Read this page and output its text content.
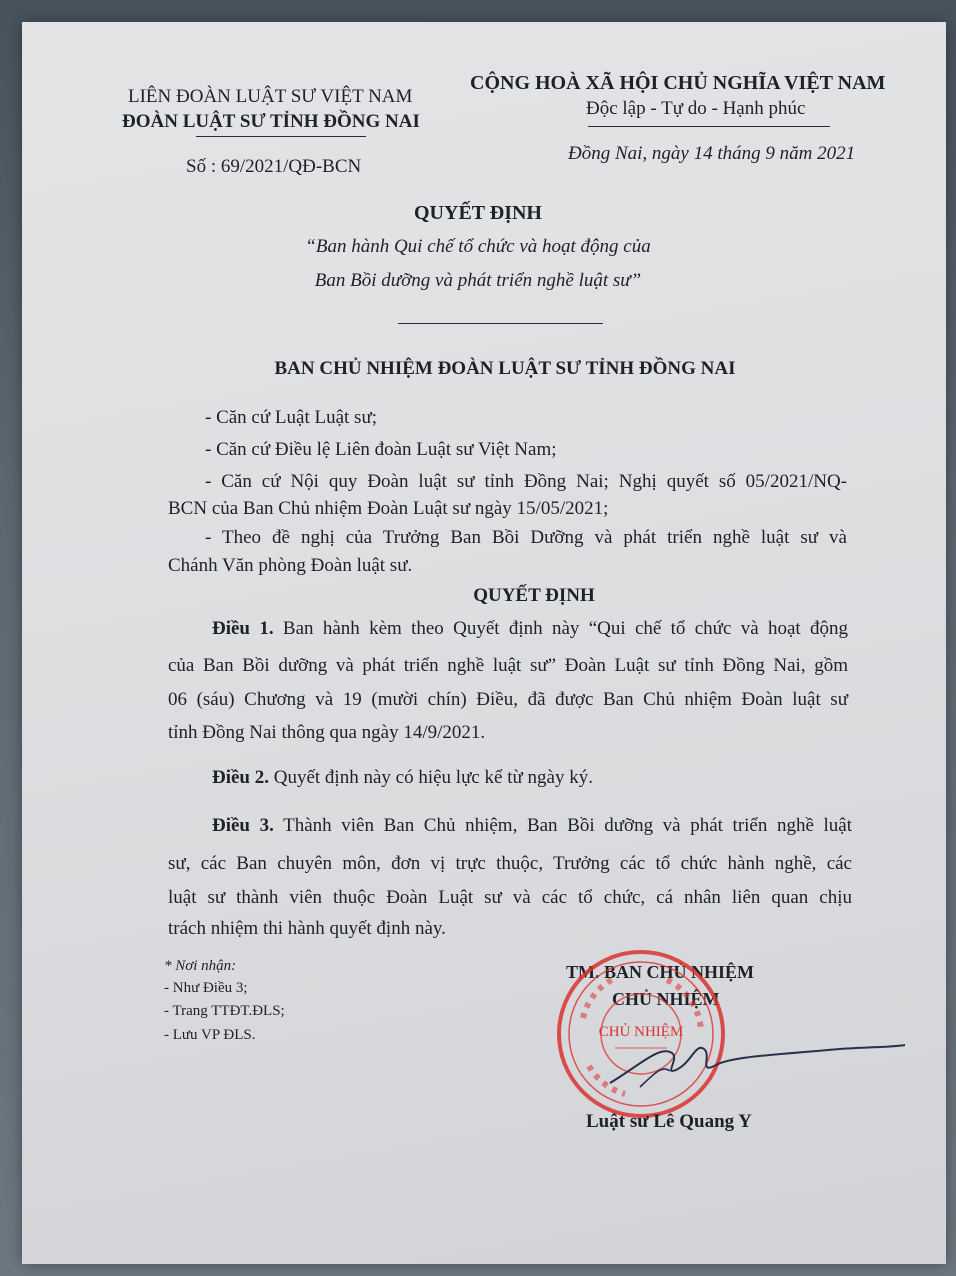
LIÊN ĐOÀN LUẬT SƯ VIỆT NAM
ĐOÀN LUẬT SƯ TỈNH ĐỒNG NAI
Số : 69/2021/QĐ-BCN
CỘNG HOÀ XÃ HỘI CHỦ NGHĨA VIỆT NAM
Độc lập - Tự do - Hạnh phúc
Đồng Nai, ngày 14 tháng 9 năm 2021
QUYẾT ĐỊNH
“Ban hành Qui chế tổ chức và hoạt động của
Ban Bồi dưỡng và phát triển nghề luật sư”
BAN CHỦ NHIỆM ĐOÀN LUẬT SƯ TỈNH ĐỒNG NAI
- Căn cứ Luật Luật sư;
- Căn cứ Điều lệ Liên đoàn Luật sư Việt Nam;
- Căn cứ Nội quy Đoàn luật sư tỉnh Đồng Nai; Nghị quyết số 05/2021/NQ-
BCN của Ban Chủ nhiệm Đoàn Luật sư ngày 15/05/2021;
- Theo đề nghị của Trưởng Ban Bồi Dưỡng và phát triển nghề luật sư và
Chánh Văn phòng Đoàn luật sư.
QUYẾT ĐỊNH
Điều 1. Ban hành kèm theo Quyết định này “Qui chế tổ chức và hoạt động
của Ban Bồi dưỡng và phát triển nghề luật sư” Đoàn Luật sư tỉnh Đồng Nai, gồm
06 (sáu) Chương và 19 (mười chín) Điều, đã được Ban Chủ nhiệm Đoàn luật sư
tỉnh Đồng Nai thông qua ngày 14/9/2021.
Điều 2. Quyết định này có hiệu lực kể từ ngày ký.
Điều 3. Thành viên Ban Chủ nhiệm, Ban Bồi dưỡng và phát triển nghề luật
sư, các Ban chuyên môn, đơn vị trực thuộc, Trưởng các tổ chức hành nghề, các
luật sư thành viên thuộc Đoàn Luật sư và các tổ chức, cá nhân liên quan chịu
trách nhiệm thi hành quyết định này.
* Nơi nhận:
- Như Điều 3;
- Trang TTĐT.ĐLS;
- Lưu VP ĐLS.
TM. BAN CHỦ NHIỆM
CHỦ NHIỆM
CHỦ NHIỆM
Luật sư Lê Quang Y
